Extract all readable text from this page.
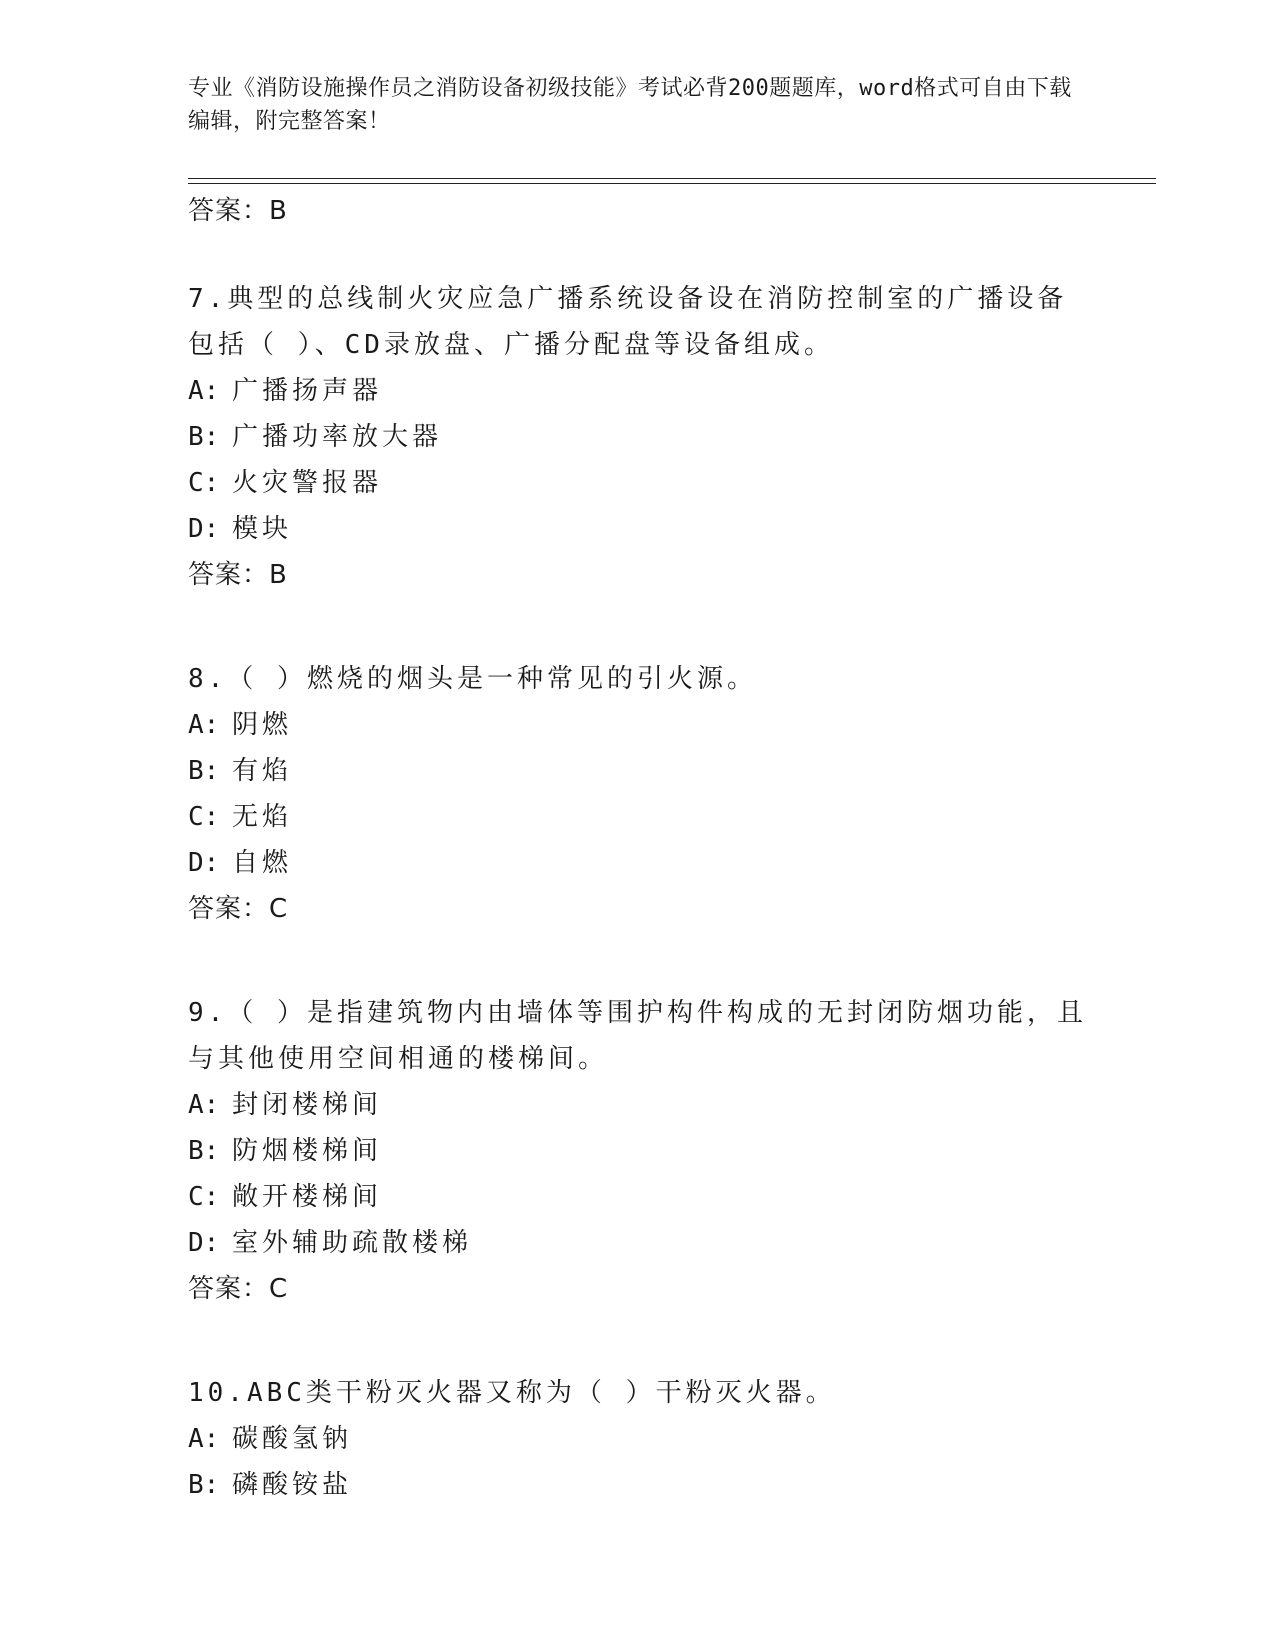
专业《消防设施操作员之消防设备初级技能》考试必背200题题库，word格式可自由下载编辑，附完整答案！
答案：B
7.典型的总线制火灾应急广播系统设备设在消防控制室的广播设备包括（ ）、CD录放盘、广播分配盘等设备组成。
A: 广播扬声器
B: 广播功率放大器
C: 火灾警报器
D: 模块
答案：B
8.（ ）燃烧的烟头是一种常见的引火源。
A: 阴燃
B: 有焰
C: 无焰
D: 自燃
答案：C
9.（ ）是指建筑物内由墙体等围护构件构成的无封闭防烟功能，且与其他使用空间相通的楼梯间。
A: 封闭楼梯间
B: 防烟楼梯间
C: 敞开楼梯间
D: 室外辅助疏散楼梯
答案：C
10.ABC类干粉灭火器又称为（ ）干粉灭火器。
A: 碳酸氢钠
B: 磷酸铵盐
